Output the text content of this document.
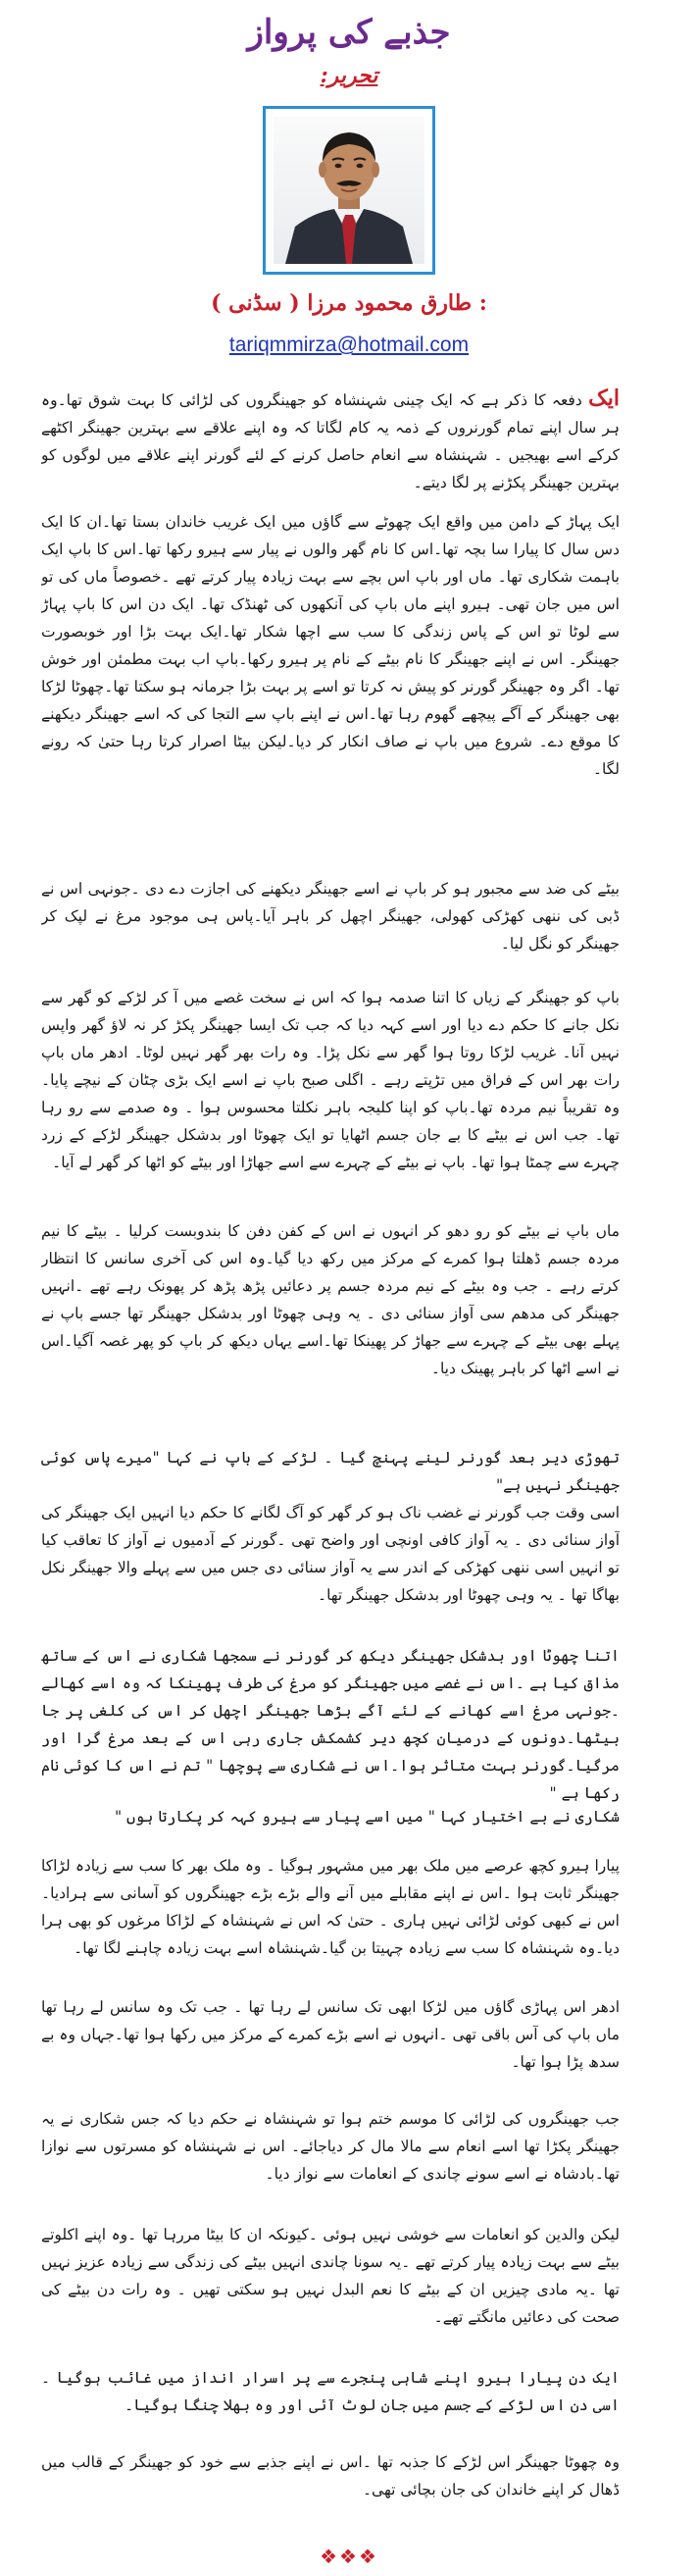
جذبے کی پرواز
تحریر:
: طارق محمود مرزا ( سڈنی )
tariqmmirza@hotmail.com

ایک دفعہ کا ذکر ہے کہ ایک چینی شہنشاہ کو جھینگروں کی لڑائی کا بہت شوق تھا۔وہ ہر سال اپنے تمام گورنروں کے ذمہ یہ کام لگاتا کہ وہ اپنے علاقے سے بہترین جھینگر اکٹھے کرکے اسے بھیجیں ۔ شہنشاہ سے انعام حاصل کرنے کے لئے گورنر اپنے علاقے میں لوگوں کو بہترین جھینگر پکڑنے پر لگا دیتے۔

ایک پہاڑ کے دامن میں واقع ایک چھوٹے سے گاؤں میں ایک غریب خاندان بستا تھا۔ان کا ایک دس سال کا پیارا سا بچہ تھا۔اس کا نام گھر والوں نے پیار سے ہیرو رکھا تھا۔اس کا باپ ایک باہمت شکاری تھا۔ ماں اور باپ اس بچے سے بہت زیادہ پیار کرتے تھے ۔خصوصاً ماں کی تو اس میں جان تھی۔ ہیرو اپنے ماں باپ کی آنکھوں کی ٹھنڈک تھا۔ ایک دن اس کا باپ پہاڑ سے لوٹا تو اس کے پاس زندگی کا سب سے اچھا شکار تھا۔ایک بہت بڑا اور خوبصورت جھینگر۔ اس نے اپنے جھینگر کا نام بیٹے کے نام پر ہیرو رکھا۔باپ اب بہت مطمئن اور خوش تھا۔ اگر وہ جھینگر گورنر کو پیش نہ کرتا تو اسے پر بہت بڑا جرمانہ ہو سکتا تھا۔چھوٹا لڑکا بھی جھینگر کے آگے پیچھے گھوم رہا تھا۔اس نے اپنے باپ سے التجا کی کہ اسے جھینگر دیکھنے کا موقع دے۔ شروع میں باپ نے صاف انکار کر دیا۔لیکن بیٹا اصرار کرتا رہا حتیٰ کہ رونے لگا۔

بیٹے کی ضد سے مجبور ہو کر باپ نے اسے جھینگر دیکھنے کی اجازت دے دی ۔جونہی اس نے ڈبی کی ننھی کھڑکی کھولی، جھینگر اچھل کر باہر آیا۔پاس ہی موجود مرغ نے لپک کر جھینگر کو نگل لیا۔

باپ کو جھینگر کے زیاں کا اتنا صدمہ ہوا کہ اس نے سخت غصے میں آ کر لڑکے کو گھر سے نکل جانے کا حکم دے دیا اور اسے کہہ دیا کہ جب تک ایسا جھینگر پکڑ کر نہ لاؤ گھر واپس نہیں آنا۔ غریب لڑکا روتا ہوا گھر سے نکل پڑا۔ وہ رات بھر گھر نہیں لوٹا۔ ادھر ماں باپ رات بھر اس کے فراق میں تڑپتے رہے ۔ اگلی صبح باپ نے اسے ایک بڑی چٹان کے نیچے پایا۔ وہ تقریباً نیم مردہ تھا۔باپ کو اپنا کلیجہ باہر نکلتا محسوس ہوا ۔ وہ صدمے سے رو رہا تھا۔ جب اس نے بیٹے کا بے جان جسم اٹھایا تو ایک چھوٹا اور بدشکل جھینگر لڑکے کے زرد چہرے سے چمٹا ہوا تھا۔ باپ نے بیٹے کے چہرے سے اسے جھاڑا اور بیٹے کو اٹھا کر گھر لے آیا۔

ماں باپ نے بیٹے کو رو دھو کر انہوں نے اس کے کفن دفن کا بندوبست کرلیا ۔ بیٹے کا نیم مردہ جسم ڈھلتا ہوا کمرے کے مرکز میں رکھ دیا گیا۔وہ اس کی آخری سانس کا انتظار کرتے رہے ۔ جب وہ بیٹے کے نیم مردہ جسم پر دعائیں پڑھ پڑھ کر پھونک رہے تھے ۔انہیں جھینگر کی مدھم سی آواز سنائی دی ۔ یہ وہی چھوٹا اور بدشکل جھینگر تھا جسے باپ نے پہلے بھی بیٹے کے چہرے سے جھاڑ کر پھینکا تھا۔اسے یہاں دیکھ کر باپ کو پھر غصہ آگیا۔اس نے اسے اٹھا کر باہر پھینک دیا۔

تھوڑی دیر بعد گورنر لینے پہنچ گیا ۔ لڑکے کے باپ نے کہا "میرے پاس کوئی جھینگر نہیں ہے"

اسی وقت جب گورنر نے غضب ناک ہو کر گھر کو آگ لگانے کا حکم دیا انہیں ایک جھینگر کی آواز سنائی دی ۔ یہ آواز کافی اونچی اور واضح تھی ۔گورنر کے آدمیوں نے آواز کا تعاقب کیا تو انہیں اسی ننھی کھڑکی کے اندر سے یہ آواز سنائی دی جس میں سے پہلے والا جھینگر نکل بھاگا تھا ۔ یہ وہی چھوٹا اور بدشکل جھینگر تھا۔

اتنا چھوٹا اور بدشکل جھینگر دیکھ کر گورنر نے سمجھا شکاری نے اس کے ساتھ مذاق کیا ہے ۔اس نے غصے میں جھینگر کو مرغ کی طرف پھینکا کہ وہ اسے کھالے ۔جونہی مرغ اسے کھانے کے لئے آگے بڑھا جھینگر اچھل کر اس کی کلغی پر جا بیٹھا۔دونوں کے درمیان کچھ دیر کشمکش جاری رہی اس کے بعد مرغ گرا اور مرگیا۔گورنر بہت متاثر ہوا۔اس نے شکاری سے پوچھا " تم نے اس کا کوئی نام رکھا ہے "

شکاری نے بے اختیار کہا " میں اسے پیار سے ہیرو کہہ کر پکارتا ہوں "

پیارا ہیرو کچھ عرصے میں ملک بھر میں مشہور ہوگیا ۔ وہ ملک بھر کا سب سے زیادہ لڑاکا جھینگر ثابت ہوا ۔اس نے اپنے مقابلے میں آنے والے بڑے بڑے جھینگروں کو آسانی سے ہرادیا۔اس نے کبھی کوئی لڑائی نہیں ہاری ۔ حتیٰ کہ اس نے شہنشاہ کے لڑاکا مرغوں کو بھی ہرا دیا۔وہ شہنشاہ کا سب سے زیادہ چہیتا بن گیا۔شہنشاہ اسے بہت زیادہ چاہنے لگا تھا۔

ادھر اس پہاڑی گاؤں میں لڑکا ابھی تک سانس لے رہا تھا ۔ جب تک وہ سانس لے رہا تھا ماں باپ کی آس باقی تھی ۔انہوں نے اسے بڑے کمرے کے مرکز میں رکھا ہوا تھا۔جہاں وہ بے سدھ پڑا ہوا تھا۔

جب جھینگروں کی لڑائی کا موسم ختم ہوا تو شہنشاہ نے حکم دیا کہ جس شکاری نے یہ جھینگر پکڑا تھا اسے انعام سے مالا مال کر دیاجائے۔ اس نے شہنشاہ کو مسرتوں سے نوازا تھا۔بادشاہ نے اسے سونے چاندی کے انعامات سے نواز دیا۔

لیکن والدین کو انعامات سے خوشی نہیں ہوئی ۔کیونکہ ان کا بیٹا مررہا تھا ۔وہ اپنے اکلوتے بیٹے سے بہت زیادہ پیار کرتے تھے ۔یہ سونا چاندی انہیں بیٹے کی زندگی سے زیادہ عزیز نہیں تھا ۔یہ مادی چیزیں ان کے بیٹے کا نعم البدل نہیں ہو سکتی تھیں ۔ وہ رات دن بیٹے کی صحت کی دعائیں مانگتے تھے۔

ایک دن پیارا ہیرو اپنے شاہی پنجرے سے پر اسرار انداز میں غائب ہوگیا ۔ اسی دن اس لڑکے کے جسم میں جان لوٹ آئی اور وہ بھلا چنگا ہوگیا۔

وہ چھوٹا جھینگر اس لڑکے کا جذبہ تھا ۔اس نے اپنے جذبے سے خود کو جھینگر کے قالب میں ڈھال کر اپنے خاندان کی جان بچائی تھی۔

❖❖❖
